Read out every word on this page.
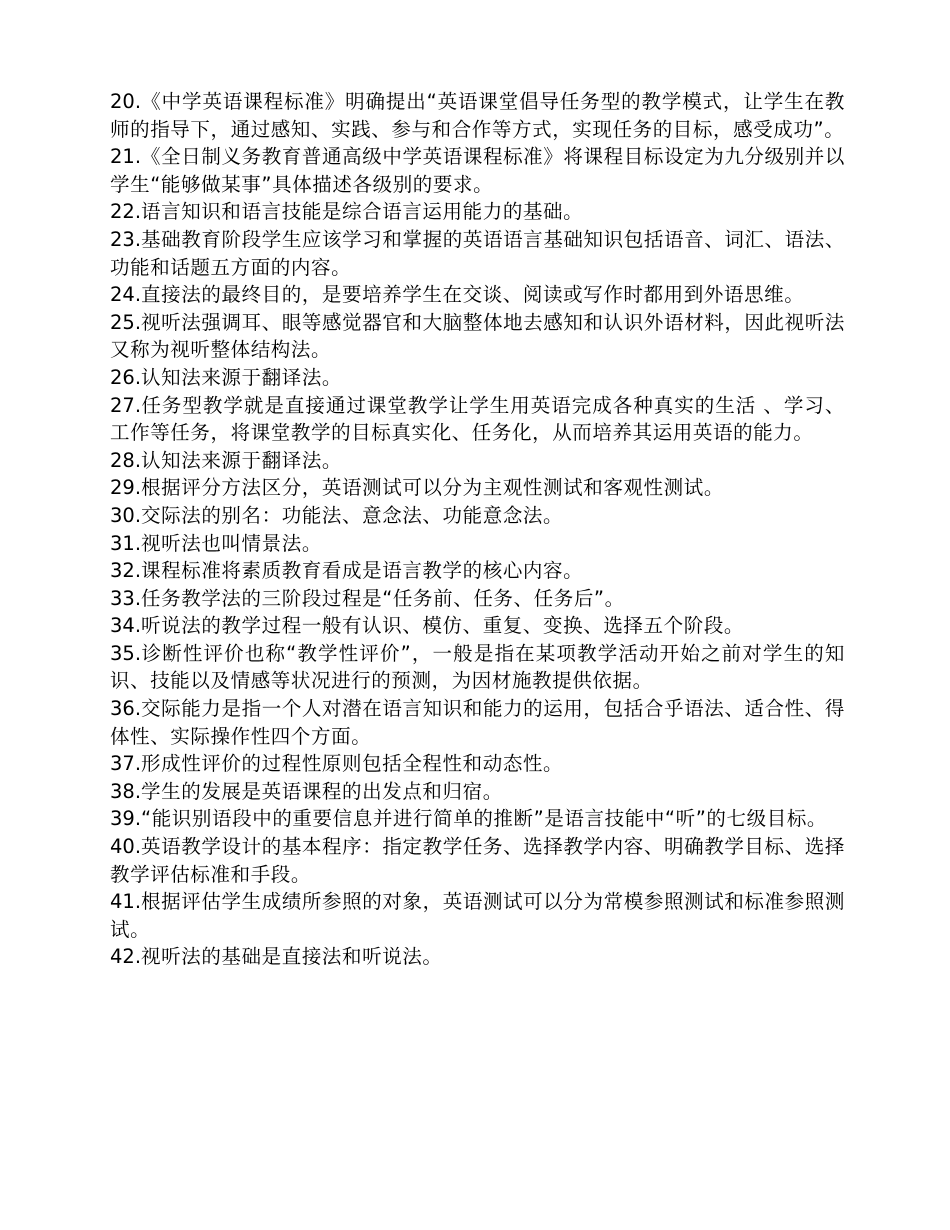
20.《中学英语课程标准》明确提出“英语课堂倡导任务型的教学模式，让学生在教师的指导下，通过感知、实践、参与和合作等方式，实现任务的目标，感受成功”。

21.《全日制义务教育普通高级中学英语课程标准》将课程目标设定为九分级别并以学生“能够做某事”具体描述各级别的要求。

22.语言知识和语言技能是综合语言运用能力的基础。

23.基础教育阶段学生应该学习和掌握的英语语言基础知识包括语音、词汇、语法、功能和话题五方面的内容。

24.直接法的最终目的，是要培养学生在交谈、阅读或写作时都用到外语思维。

25.视听法强调耳、眼等感觉器官和大脑整体地去感知和认识外语材料，因此视听法又称为视听整体结构法。

26.认知法来源于翻译法。

27.任务型教学就是直接通过课堂教学让学生用英语完成各种真实的生活 、学习、工作等任务，将课堂教学的目标真实化、任务化，从而培养其运用英语的能力。

28.认知法来源于翻译法。

29.根据评分方法区分，英语测试可以分为主观性测试和客观性测试。

30.交际法的别名：功能法、意念法、功能意念法。

31.视听法也叫情景法。

32.课程标准将素质教育看成是语言教学的核心内容。

33.任务教学法的三阶段过程是“任务前、任务、任务后”。

34.听说法的教学过程一般有认识、模仿、重复、变换、选择五个阶段。

35.诊断性评价也称“教学性评价”，一般是指在某项教学活动开始之前对学生的知识、技能以及情感等状况进行的预测，为因材施教提供依据。

36.交际能力是指一个人对潜在语言知识和能力的运用，包括合乎语法、适合性、得体性、实际操作性四个方面。

37.形成性评价的过程性原则包括全程性和动态性。

38.学生的发展是英语课程的出发点和归宿。

39.“能识别语段中的重要信息并进行简单的推断”是语言技能中“听”的七级目标。

40.英语教学设计的基本程序：指定教学任务、选择教学内容、明确教学目标、选择教学评估标准和手段。

41.根据评估学生成绩所参照的对象，英语测试可以分为常模参照测试和标准参照测试。

42.视听法的基础是直接法和听说法。
